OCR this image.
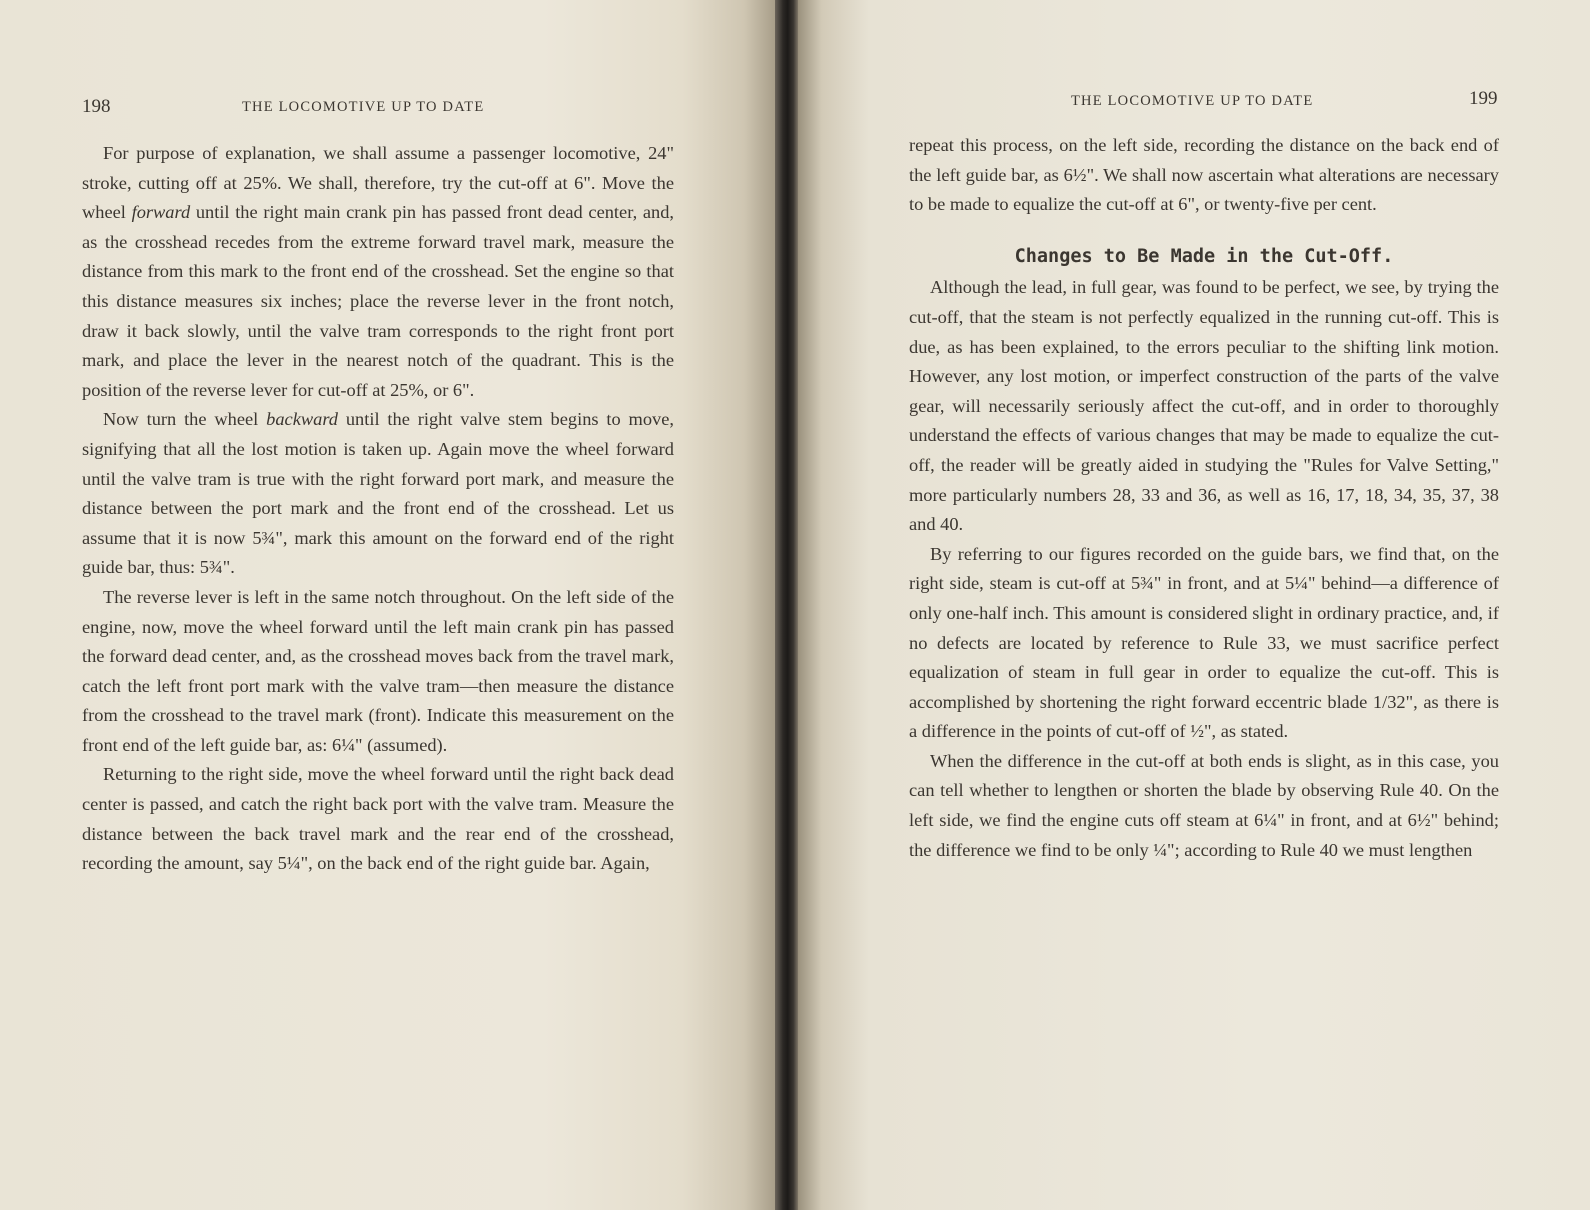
198	THE LOCOMOTIVE UP TO DATE

For purpose of explanation, we shall assume a passenger locomotive, 24" stroke, cutting off at 25%. We shall, therefore, try the cut-off at 6". Move the wheel forward until the right main crank pin has passed front dead center, and, as the crosshead recedes from the extreme forward travel mark, measure the distance from this mark to the front end of the crosshead. Set the engine so that this distance measures six inches; place the reverse lever in the front notch, draw it back slowly, until the valve tram corresponds to the right front port mark, and place the lever in the nearest notch of the quadrant. This is the position of the reverse lever for cut-off at 25%, or 6".

Now turn the wheel backward until the right valve stem begins to move, signifying that all the lost motion is taken up. Again move the wheel forward until the valve tram is true with the right forward port mark, and measure the distance between the port mark and the front end of the crosshead. Let us assume that it is now 5¾", mark this amount on the forward end of the right guide bar, thus: 5¾".

The reverse lever is left in the same notch throughout. On the left side of the engine, now, move the wheel forward until the left main crank pin has passed the forward dead center, and, as the crosshead moves back from the travel mark, catch the left front port mark with the valve tram—then measure the distance from the crosshead to the travel mark (front). Indicate this measurement on the front end of the left guide bar, as: 6¼" (assumed).

Returning to the right side, move the wheel forward until the right back dead center is passed, and catch the right back port with the valve tram. Measure the distance between the back travel mark and the rear end of the crosshead, recording the amount, say 5¼", on the back end of the right guide bar. Again,

THE LOCOMOTIVE UP TO DATE	199

repeat this process, on the left side, recording the distance on the back end of the left guide bar, as 6½". We shall now ascertain what alterations are necessary to be made to equalize the cut-off at 6", or twenty-five per cent.

Changes to Be Made in the Cut-Off.

Although the lead, in full gear, was found to be perfect, we see, by trying the cut-off, that the steam is not perfectly equalized in the running cut-off. This is due, as has been explained, to the errors peculiar to the shifting link motion. However, any lost motion, or imperfect construction of the parts of the valve gear, will necessarily seriously affect the cut-off, and in order to thoroughly understand the effects of various changes that may be made to equalize the cut-off, the reader will be greatly aided in studying the "Rules for Valve Setting," more particularly numbers 28, 33 and 36, as well as 16, 17, 18, 34, 35, 37, 38 and 40.

By referring to our figures recorded on the guide bars, we find that, on the right side, steam is cut-off at 5¾" in front, and at 5¼" behind—a difference of only one-half inch. This amount is considered slight in ordinary practice, and, if no defects are located by reference to Rule 33, we must sacrifice perfect equalization of steam in full gear in order to equalize the cut-off. This is accomplished by shortening the right forward eccentric blade 1/32", as there is a difference in the points of cut-off of ½", as stated.

When the difference in the cut-off at both ends is slight, as in this case, you can tell whether to lengthen or shorten the blade by observing Rule 40. On the left side, we find the engine cuts off steam at 6¼" in front, and at 6½" behind; the difference we find to be only ¼"; according to Rule 40 we must lengthen
